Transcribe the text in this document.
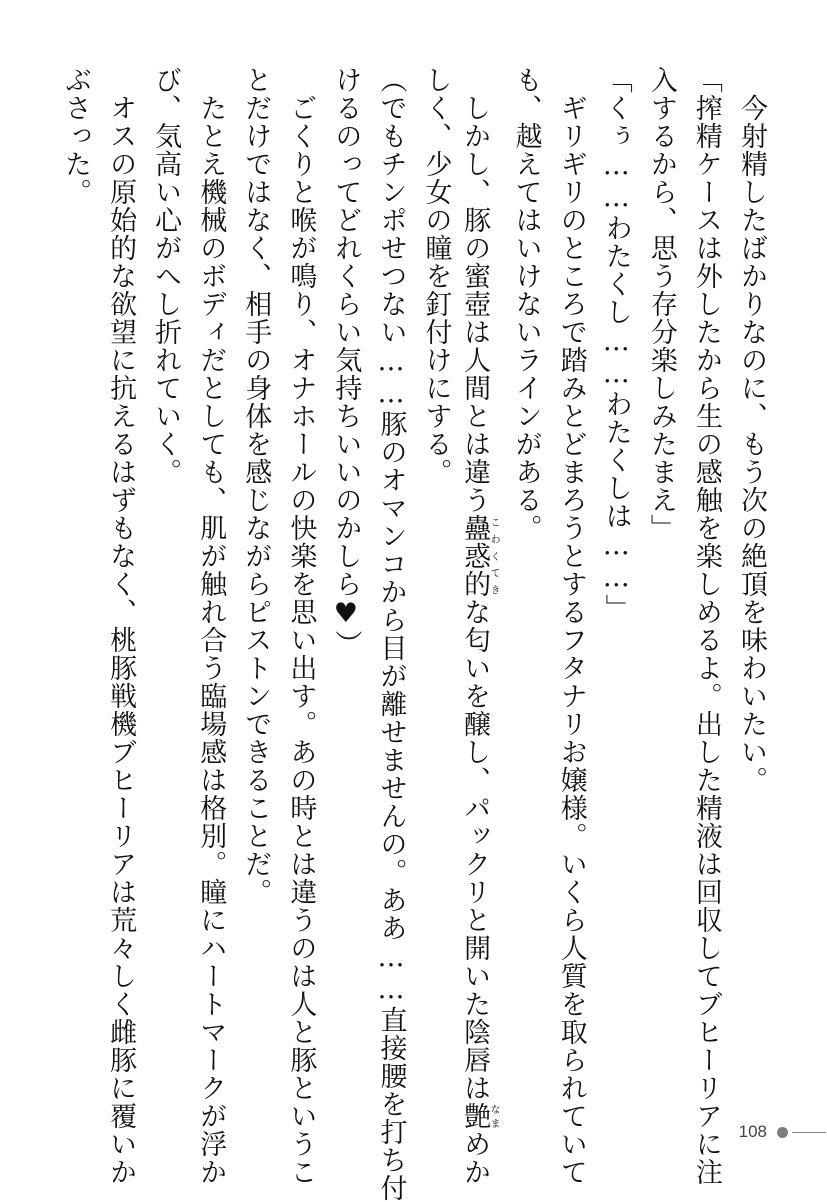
　今射精したばかりなのに、もう次の絶頂を味わいたい。
「搾精ケースは外したから生の感触を楽しめるよ。出した精液は回収してブヒーリアに注
入するから、思う存分楽しみたまえ」
「くぅ……わたくし……わたくしは……」
　ギリギリのところで踏みとどまろうとするフタナリお嬢様。いくら人質を取られていて
も、越えてはいけないラインがある。
　しかし、豚の蜜壺は人間とは違う蠱惑的こわくてきな匂いを醸し、パックリと開いた陰唇は艶なまめか
しく、少女の瞳を釘付けにする。
（でもチンポせつない……豚のオマンコから目が離せませんの。ああ……直接腰を打ち付
けるのってどれくらい気持ちいいのかしら♥）
　ごくりと喉が鳴り、オナホールの快楽を思い出す。あの時とは違うのは人と豚というこ
とだけではなく、相手の身体を感じながらピストンできることだ。
　たとえ機械のボディだとしても、肌が触れ合う臨場感は格別。瞳にハートマークが浮か
び、気高い心がへし折れていく。
　オスの原始的な欲望に抗えるはずもなく、桃豚戦機ブヒーリアは荒々しく雌豚に覆いか
ぶさった。
108
